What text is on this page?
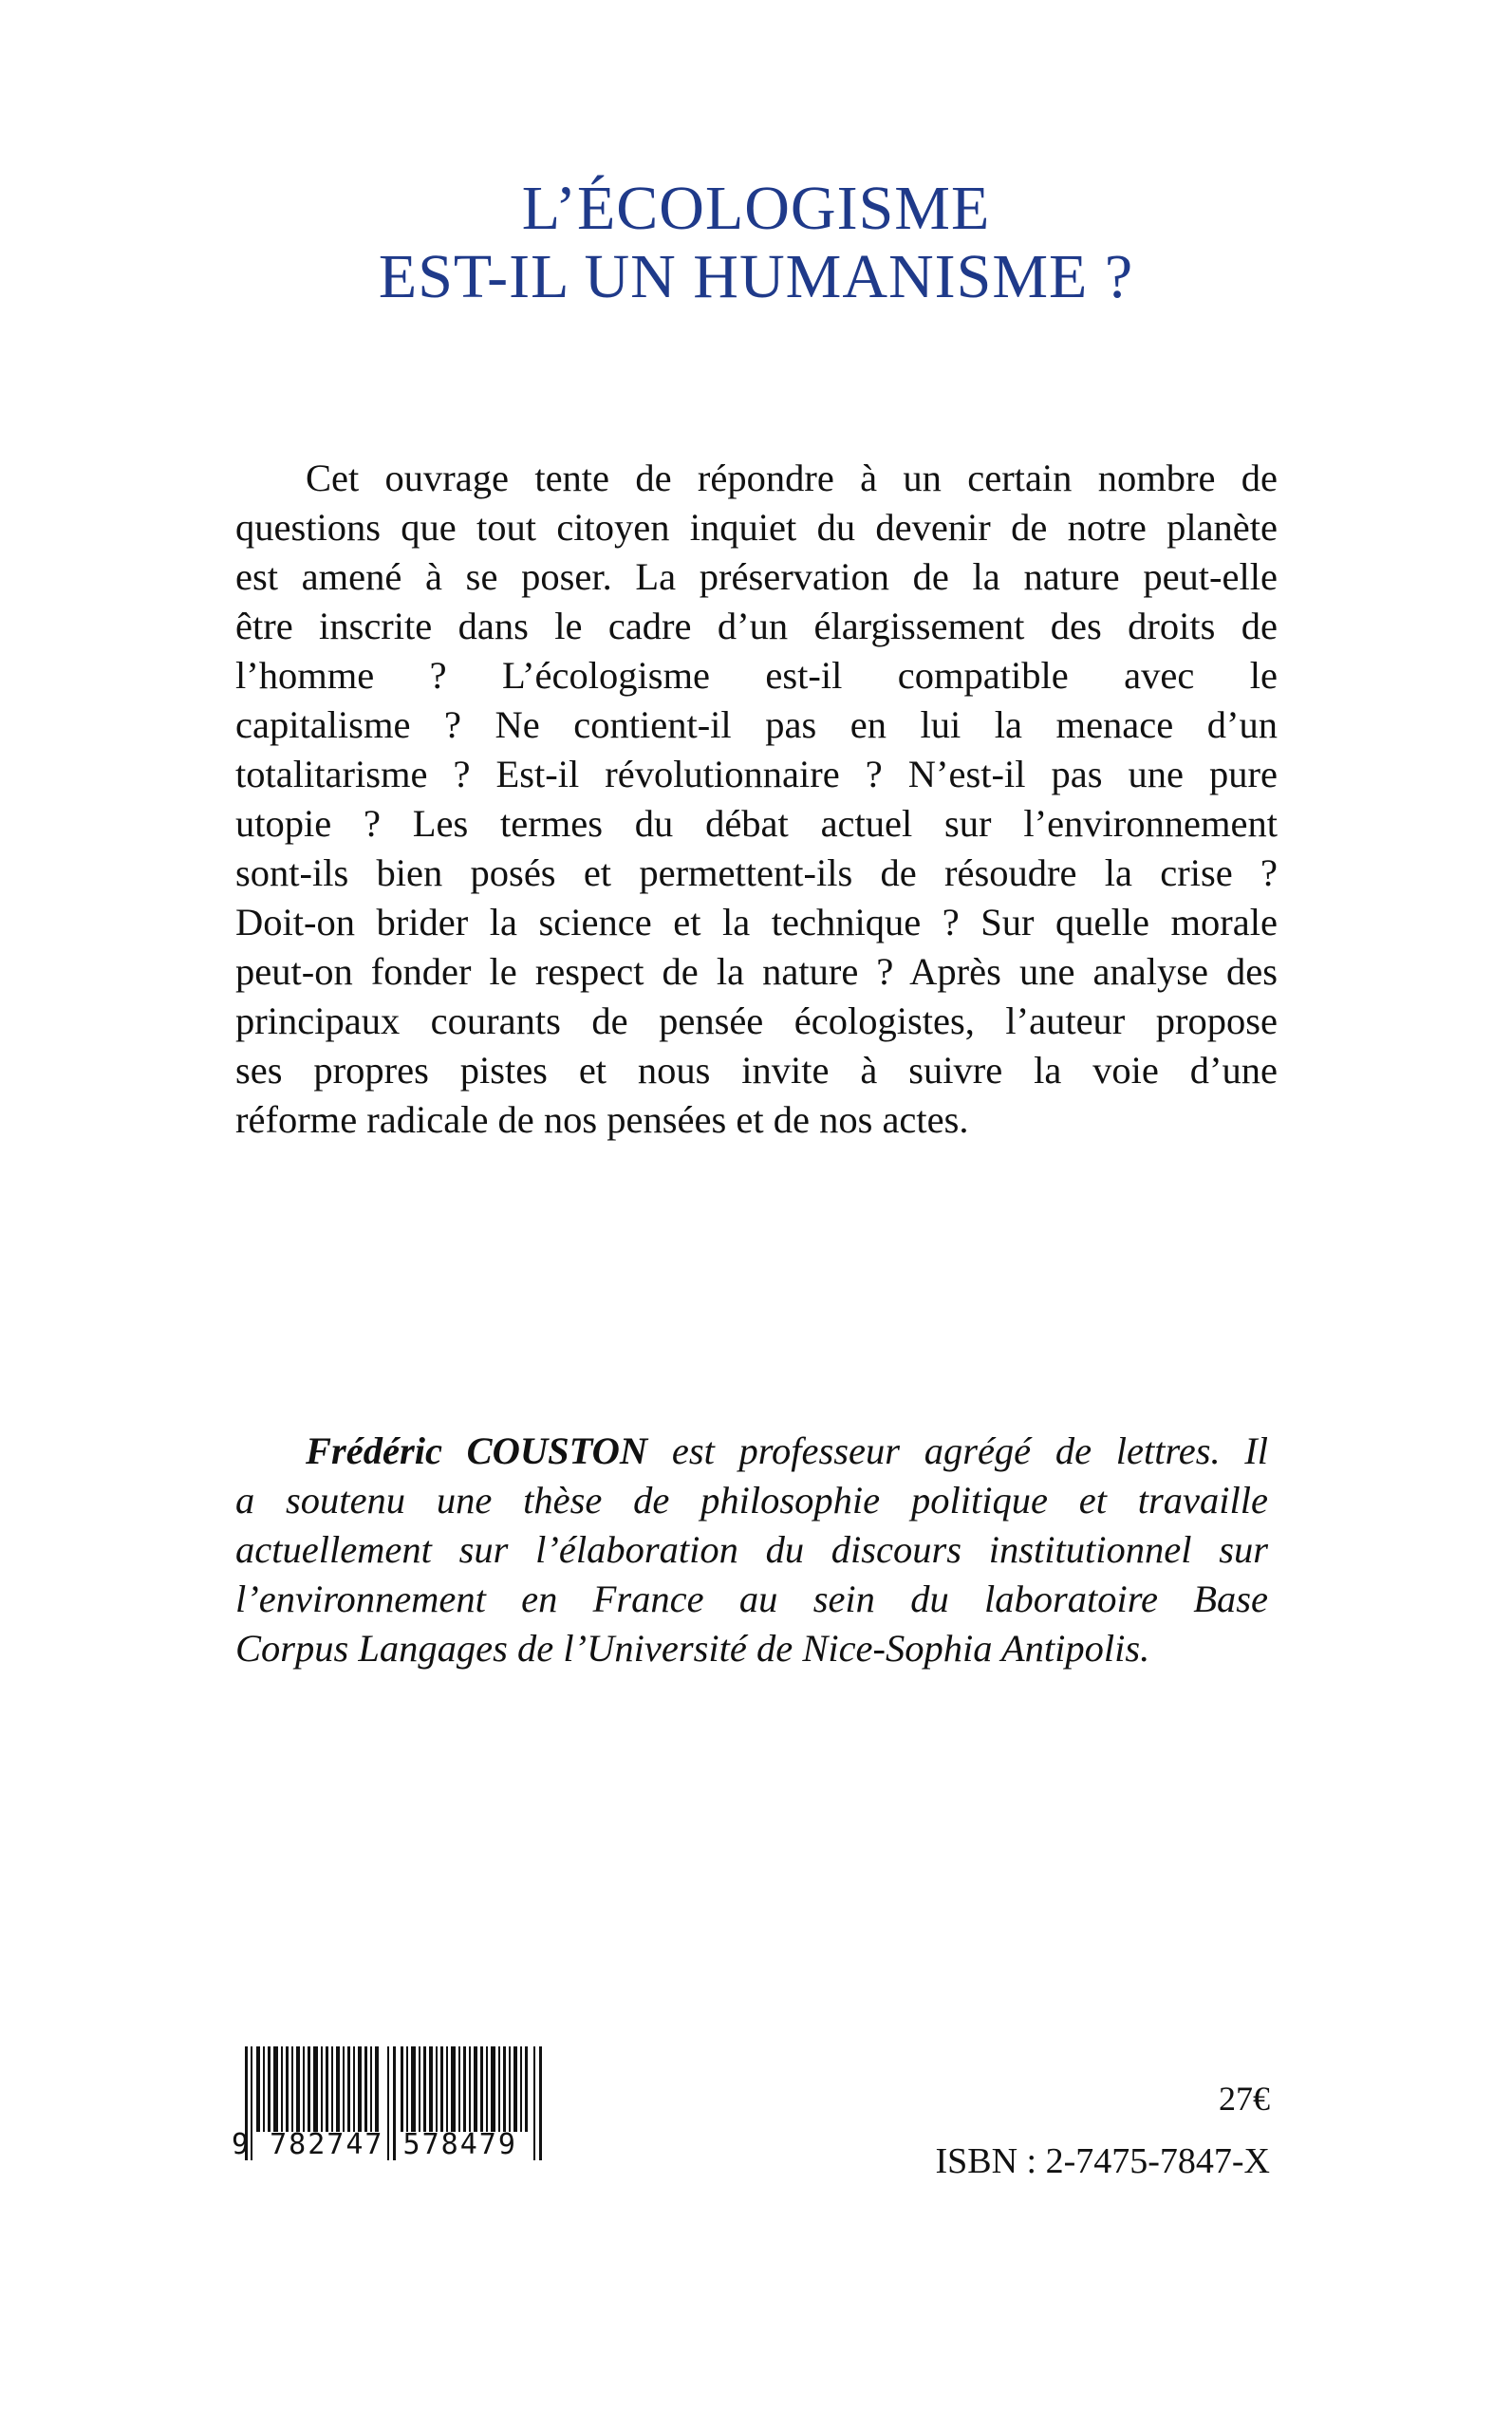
L’ÉCOLOGISME
EST-IL UN HUMANISME ?
Cet ouvrage tente de répondre à un certain nombre de
questions que tout citoyen inquiet du devenir de notre planète
est amené à se poser. La préservation de la nature peut-elle
être inscrite dans le cadre d’un élargissement des droits de
l’homme ? L’écologisme est-il compatible avec le
capitalisme ? Ne contient-il pas en lui la menace d’un
totalitarisme ? Est-il révolutionnaire ? N’est-il pas une pure
utopie ? Les termes du débat actuel sur l’environnement
sont-ils bien posés et permettent-ils de résoudre la crise ?
Doit-on brider la science et la technique ? Sur quelle morale
peut-on fonder le respect de la nature ? Après une analyse des
principaux courants de pensée écologistes, l’auteur propose
ses propres pistes et nous invite à suivre la voie d’une
réforme radicale de nos pensées et de nos actes.
Frédéric COUSTON est professeur agrégé de lettres. Il
a soutenu une thèse de philosophie politique et travaille
actuellement sur l’élaboration du discours institutionnel sur
l’environnement en France au sein du laboratoire Base
Corpus Langages de l’Université de Nice-Sophia Antipolis.
9 782747 578479
27€
ISBN : 2-7475-7847-X
